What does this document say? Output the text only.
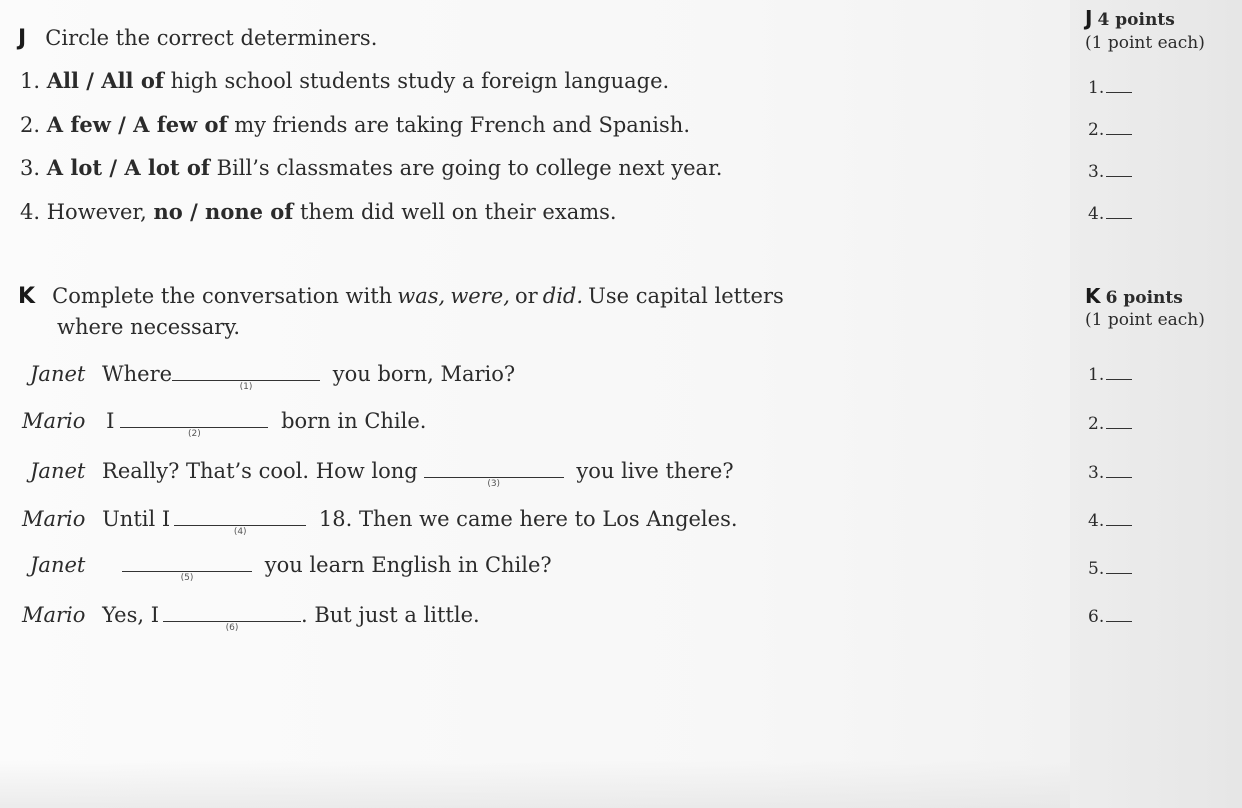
J Circle the correct determiners.
J 4 points
(1 point each)
1. All / All of high school students study a foreign language.
2. A few / A few of my friends are taking French and Spanish.
3. A lot / A lot of Bill’s classmates are going to college next year.
4. However, no / none of them did well on their exams.
1.
2.
3.
4.
K Complete the conversation with was, were, or did. Use capital letters
where necessary.
K 6 points
(1 point each)
Janet Where
(1)
you born, Mario?
Mario I
(2)
born in Chile.
Janet Really? That’s cool. How long
(3)
you live there?
Mario Until I
(4)
18. Then we came here to Los Angeles.
Janet
(5)
you learn English in Chile?
Mario Yes, I
(6)
. But just a little.
1.
2.
3.
4.
5.
6.
